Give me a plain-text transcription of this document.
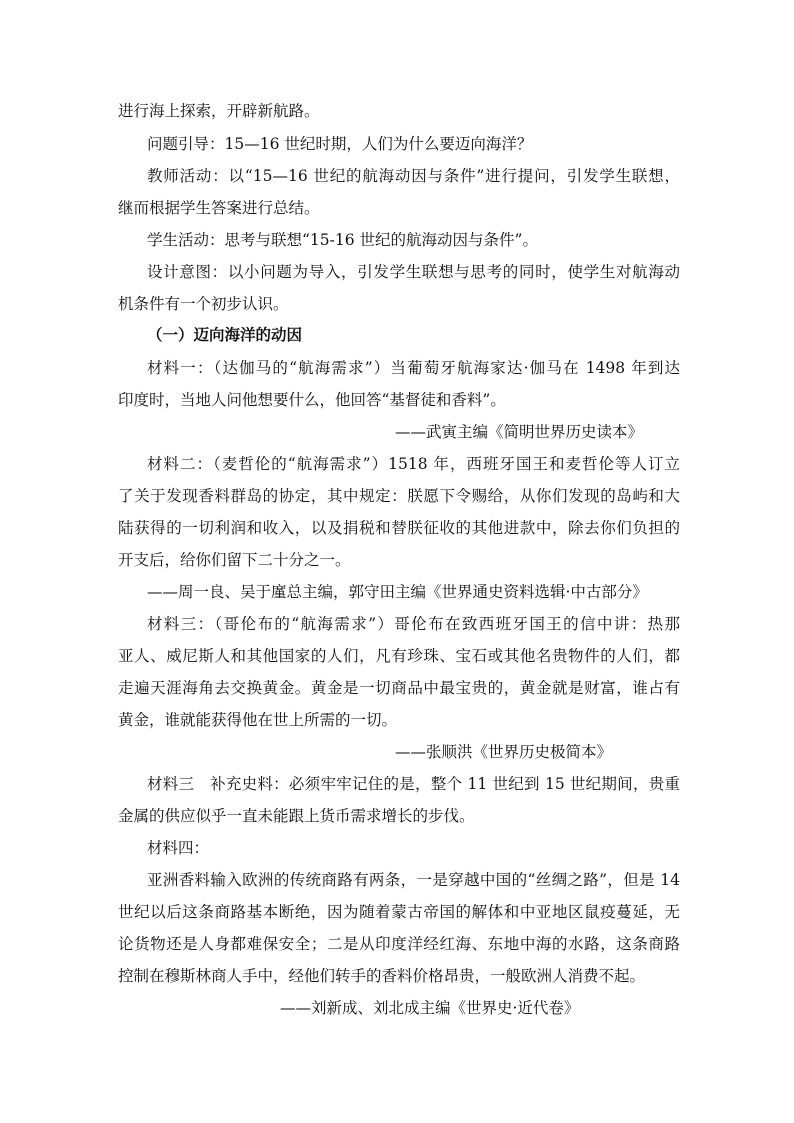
进行海上探索，开辟新航路。
问题引导：15—16 世纪时期，人们为什么要迈向海洋？
教师活动：以“15—16 世纪的航海动因与条件”进行提问，引发学生联想，
继而根据学生答案进行总结。
学生活动：思考与联想“15-16 世纪的航海动因与条件”。
设计意图：以小问题为导入，引发学生联想与思考的同时，使学生对航海动
机条件有一个初步认识。
（一）迈向海洋的动因
材料一：（达伽马的“航海需求”）当葡萄牙航海家达·伽马在 1498 年到达
印度时，当地人问他想要什么，他回答“基督徒和香料”。
——武寅主编《简明世界历史读本》
材料二：（麦哲伦的“航海需求”）1518 年，西班牙国王和麦哲伦等人订立
了关于发现香料群岛的协定，其中规定：朕愿下令赐给，从你们发现的岛屿和大
陆获得的一切利润和收入，以及捐税和替朕征收的其他进款中，除去你们负担的
开支后，给你们留下二十分之一。
——周一良、吴于廑总主编，郭守田主编《世界通史资料选辑·中古部分》
材料三：（哥伦布的“航海需求”）哥伦布在致西班牙国王的信中讲：热那
亚人、威尼斯人和其他国家的人们，凡有珍珠、宝石或其他名贵物件的人们，都
走遍天涯海角去交换黄金。黄金是一切商品中最宝贵的，黄金就是财富，谁占有
黄金，谁就能获得他在世上所需的一切。
——张顺洪《世界历史极简本》
材料三　补充史料：必须牢牢记住的是，整个 11 世纪到 15 世纪期间，贵重
金属的供应似乎一直未能跟上货币需求增长的步伐。
材料四：
亚洲香料输入欧洲的传统商路有两条，一是穿越中国的“丝绸之路”，但是 14
世纪以后这条商路基本断绝，因为随着蒙古帝国的解体和中亚地区鼠疫蔓延，无
论货物还是人身都难保安全；二是从印度洋经红海、东地中海的水路，这条商路
控制在穆斯林商人手中，经他们转手的香料价格昂贵，一般欧洲人消费不起。
——刘新成、刘北成主编《世界史·近代卷》
